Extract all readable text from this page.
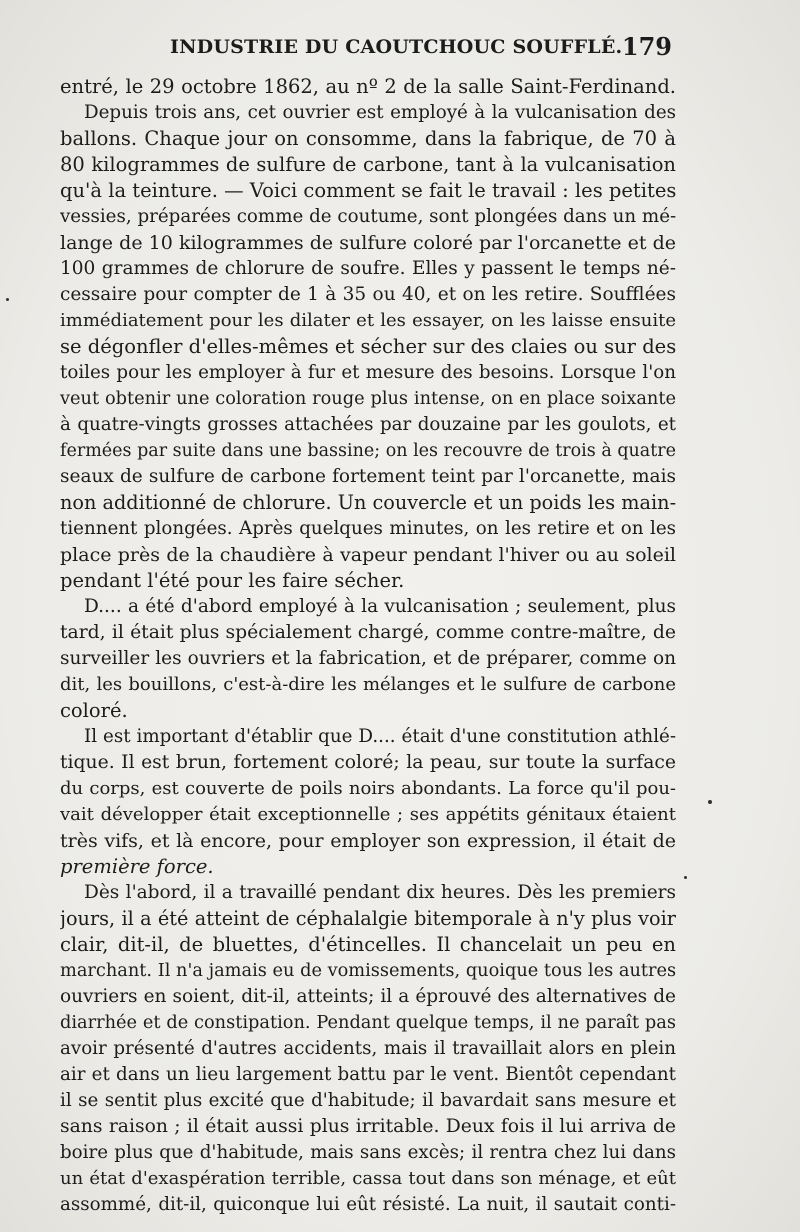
INDUSTRIE DU CAOUTCHOUC SOUFFLÉ. 179
entré, le 29 octobre 1862, au nº 2 de la salle Saint-Ferdinand.
Depuis trois ans, cet ouvrier est employé à la vulcanisation des
ballons. Chaque jour on consomme, dans la fabrique, de 70 à
80 kilogrammes de sulfure de carbone, tant à la vulcanisation
qu'à la teinture. — Voici comment se fait le travail : les petites
vessies, préparées comme de coutume, sont plongées dans un mé-
lange de 10 kilogrammes de sulfure coloré par l'orcanette et de
100 grammes de chlorure de soufre. Elles y passent le temps né-
cessaire pour compter de 1 à 35 ou 40, et on les retire. Soufflées
immédiatement pour les dilater et les essayer, on les laisse ensuite
se dégonfler d'elles-mêmes et sécher sur des claies ou sur des
toiles pour les employer à fur et mesure des besoins. Lorsque l'on
veut obtenir une coloration rouge plus intense, on en place soixante
à quatre-vingts grosses attachées par douzaine par les goulots, et
fermées par suite dans une bassine; on les recouvre de trois à quatre
seaux de sulfure de carbone fortement teint par l'orcanette, mais
non additionné de chlorure. Un couvercle et un poids les main-
tiennent plongées. Après quelques minutes, on les retire et on les
place près de la chaudière à vapeur pendant l'hiver ou au soleil
pendant l'été pour les faire sécher.
D.... a été d'abord employé à la vulcanisation ; seulement, plus
tard, il était plus spécialement chargé, comme contre-maître, de
surveiller les ouvriers et la fabrication, et de préparer, comme on
dit, les bouillons, c'est-à-dire les mélanges et le sulfure de carbone
coloré.
Il est important d'établir que D.... était d'une constitution athlé-
tique. Il est brun, fortement coloré; la peau, sur toute la surface
du corps, est couverte de poils noirs abondants. La force qu'il pou-
vait développer était exceptionnelle ; ses appétits génitaux étaient
très vifs, et là encore, pour employer son expression, il était de
première force.
Dès l'abord, il a travaillé pendant dix heures. Dès les premiers
jours, il a été atteint de céphalalgie bitemporale à n'y plus voir
clair, dit-il, de bluettes, d'étincelles. Il chancelait un peu en
marchant. Il n'a jamais eu de vomissements, quoique tous les autres
ouvriers en soient, dit-il, atteints; il a éprouvé des alternatives de
diarrhée et de constipation. Pendant quelque temps, il ne paraît pas
avoir présenté d'autres accidents, mais il travaillait alors en plein
air et dans un lieu largement battu par le vent. Bientôt cependant
il se sentit plus excité que d'habitude; il bavardait sans mesure et
sans raison ; il était aussi plus irritable. Deux fois il lui arriva de
boire plus que d'habitude, mais sans excès; il rentra chez lui dans
un état d'exaspération terrible, cassa tout dans son ménage, et eût
assommé, dit-il, quiconque lui eût résisté. La nuit, il sautait conti-
